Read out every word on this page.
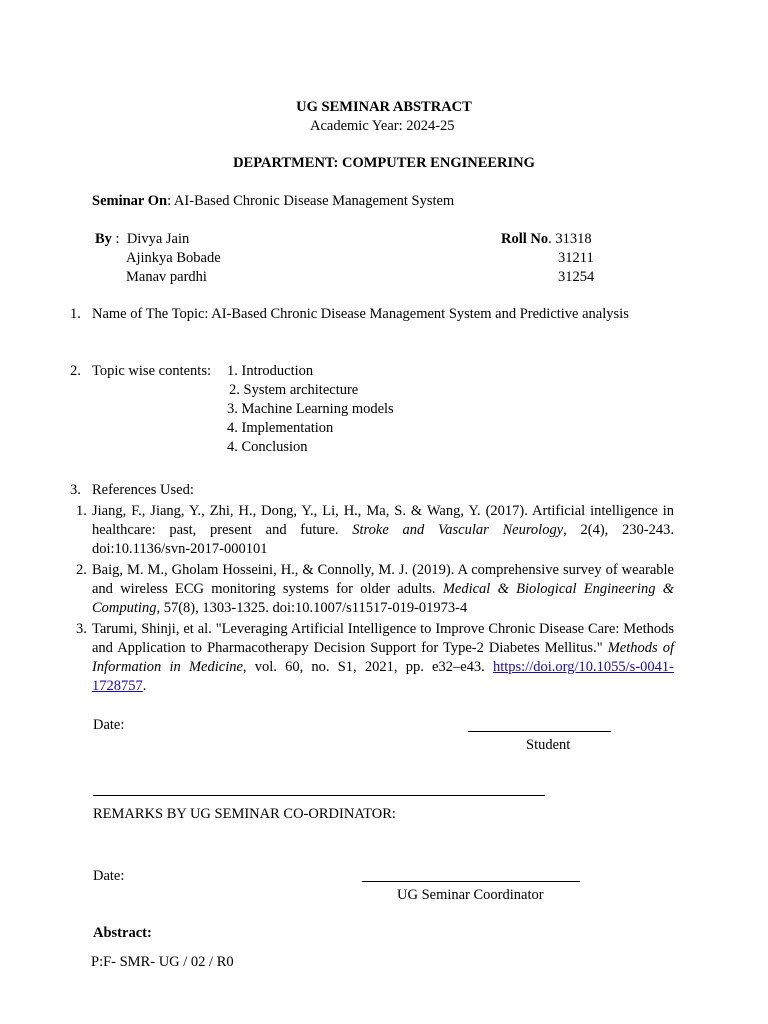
UG SEMINAR ABSTRACT
Academic Year: 2024-25
DEPARTMENT: COMPUTER ENGINEERING
Seminar On: AI-Based Chronic Disease Management System
By :  Divya Jain
Ajinkya Bobade
Manav pardhi
Roll No. 31318
31211
31254
1. Name of The Topic: AI-Based Chronic Disease Management System and Predictive analysis
2. Topic wise contents: 1. Introduction
2. System architecture
3. Machine Learning models
4. Implementation
4. Conclusion
3. References Used:
1. Jiang, F., Jiang, Y., Zhi, H., Dong, Y., Li, H., Ma, S. & Wang, Y. (2017). Artificial intelligence in healthcare: past, present and future. Stroke and Vascular Neurology, 2(4), 230-243. doi:10.1136/svn-2017-000101
2. Baig, M. M., Gholam Hosseini, H., & Connolly, M. J. (2019). A comprehensive survey of wearable and wireless ECG monitoring systems for older adults. Medical & Biological Engineering & Computing, 57(8), 1303-1325. doi:10.1007/s11517-019-01973-4
3. Tarumi, Shinji, et al. "Leveraging Artificial Intelligence to Improve Chronic Disease Care: Methods and Application to Pharmacotherapy Decision Support for Type-2 Diabetes Mellitus." Methods of Information in Medicine, vol. 60, no. S1, 2021, pp. e32–e43. https://doi.org/10.1055/s-0041-1728757.
Date:
Student
REMARKS BY UG SEMINAR CO-ORDINATOR:
Date:
UG Seminar Coordinator
Abstract:
P:F- SMR- UG / 02 / R0
